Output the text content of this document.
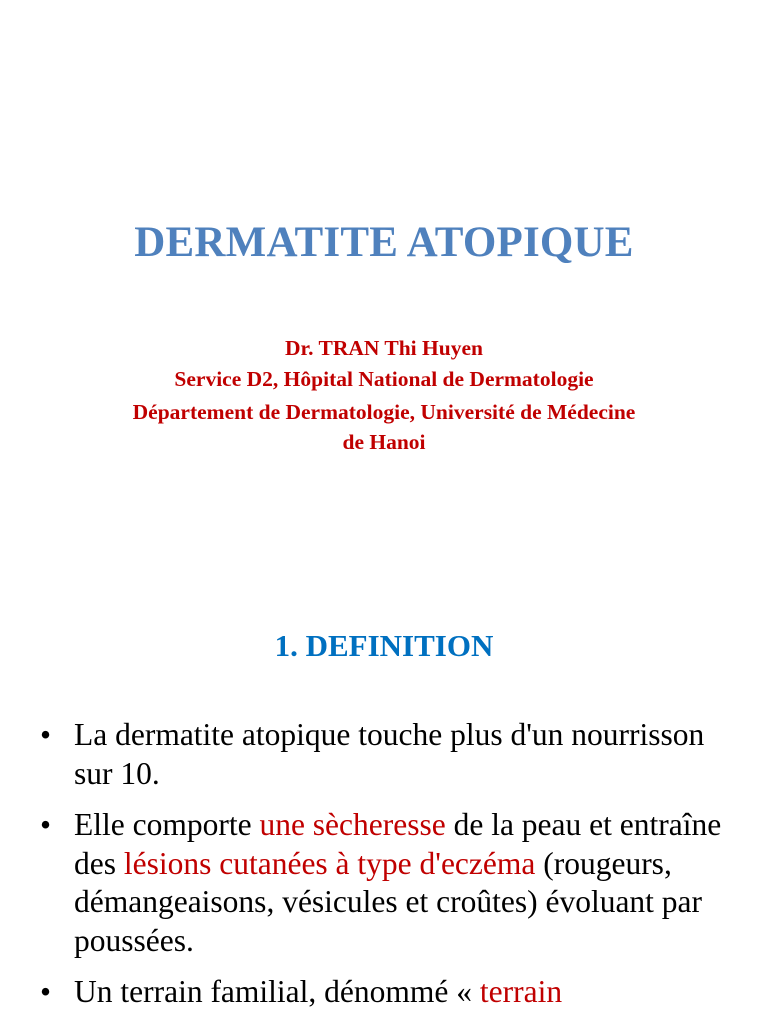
DERMATITE ATOPIQUE
Dr. TRAN Thi Huyen
Service D2, Hôpital National de Dermatologie
Département de Dermatologie, Université de Médecine de Hanoi
1. DEFINITION
• La dermatite atopique touche plus d'un nourrisson sur 10.
• Elle comporte une sècheresse de la peau et entraîne des lésions cutanées à type d'eczéma (rougeurs, démangeaisons, vésicules et croûtes) évoluant par poussées.
• Un terrain familial, dénommé « terrain
